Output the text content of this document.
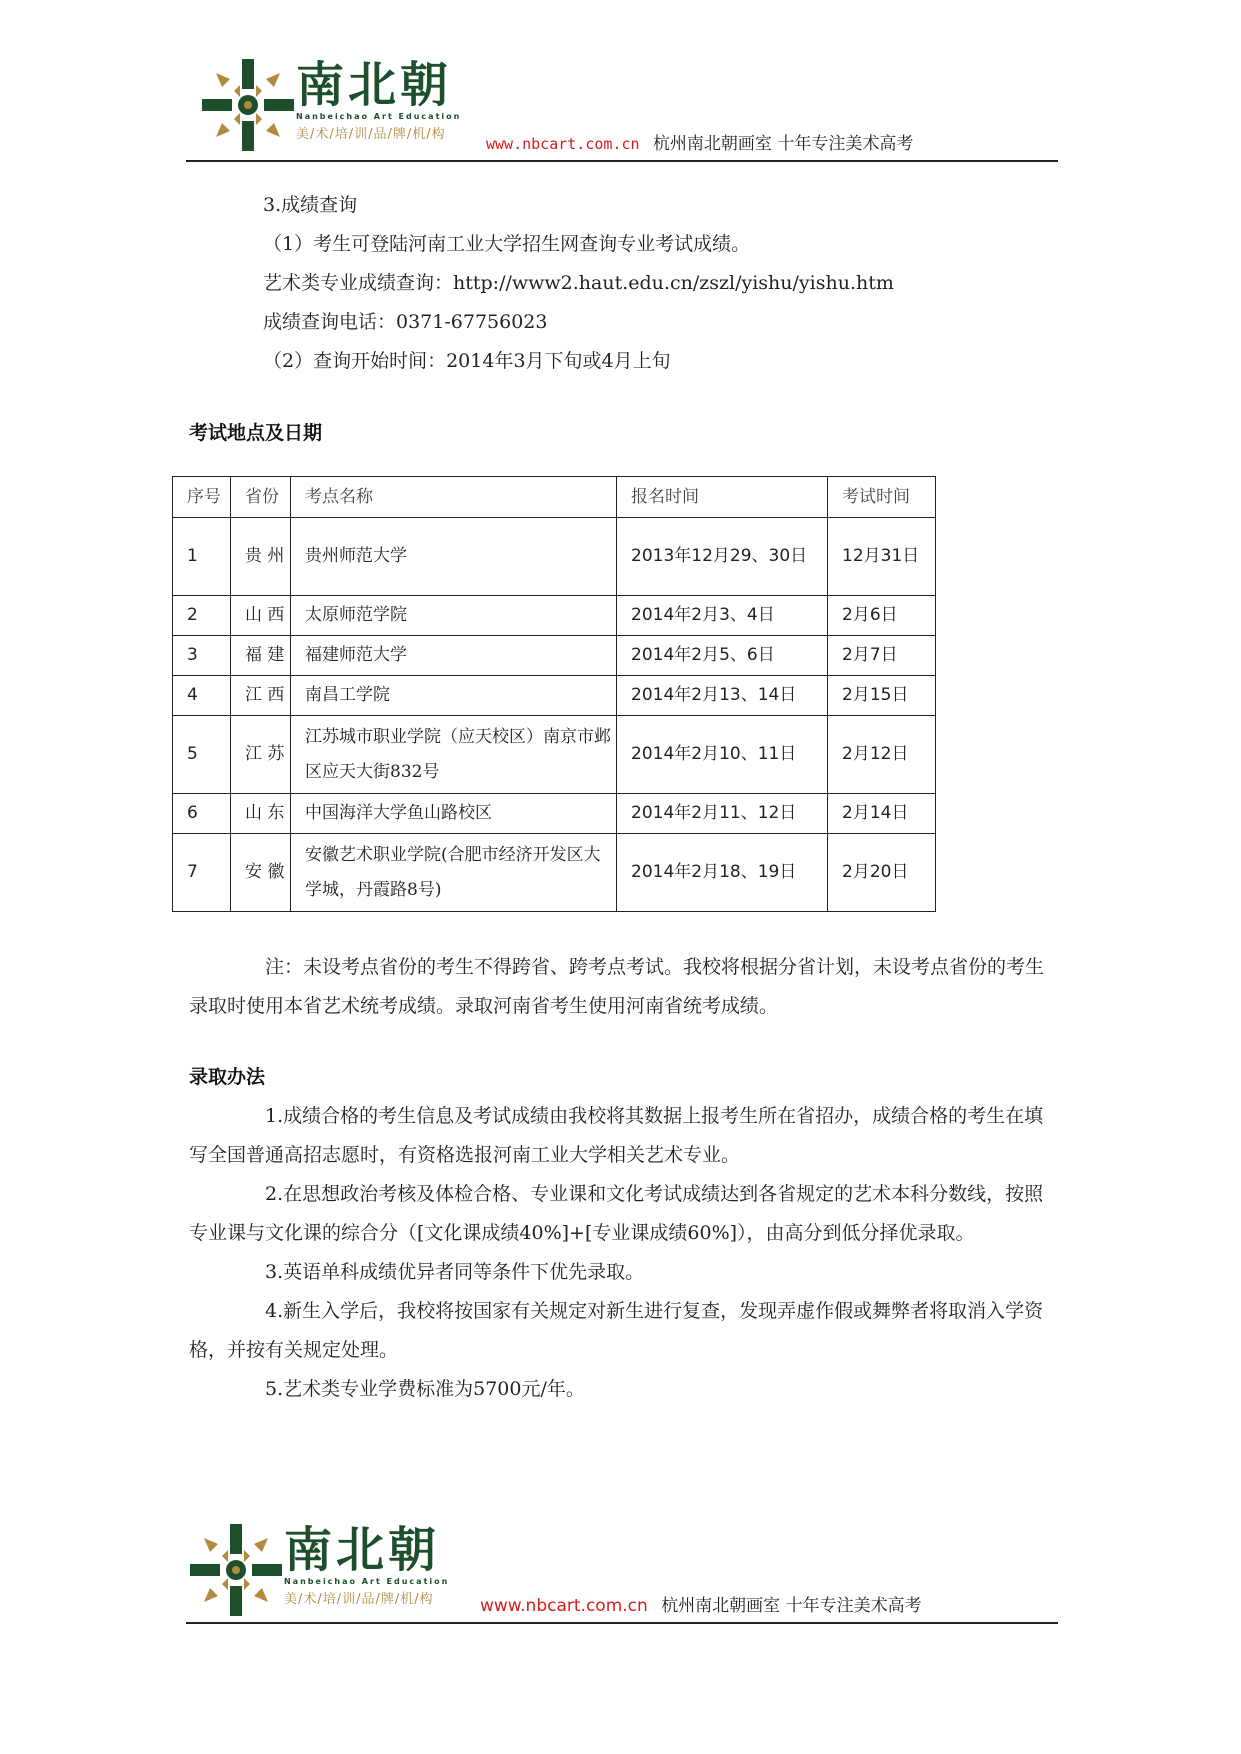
南北朝
Nanbeichao Art Education
美/术/培/训/品/牌/机/构
www.nbcart.com.cn 杭州南北朝画室 十年专注美术高考
3.成绩查询
（1）考生可登陆河南工业大学招生网查询专业考试成绩。
艺术类专业成绩查询：http://www2.haut.edu.cn/zszl/yishu/yishu.htm
成绩查询电话：0371-67756023
（2）查询开始时间：2014年3月下旬或4月上旬
考试地点及日期
序号	省份	考点名称	报名时间	考试时间
1	贵 州	贵州师范大学	2013年12月29、30日	12月31日
2	山 西	太原师范学院	2014年2月3、4日	2月6日
3	福 建	福建师范大学	2014年2月5、6日	2月7日
4	江 西	南昌工学院	2014年2月13、14日	2月15日
5	江 苏	江苏城市职业学院（应天校区）南京市邺区应天大街832号	2014年2月10、11日	2月12日
6	山 东	中国海洋大学鱼山路校区	2014年2月11、12日	2月14日
7	安 徽	安徽艺术职业学院(合肥市经济开发区大学城，丹霞路8号)	2014年2月18、19日	2月20日

注：未设考点省份的考生不得跨省、跨考点考试。我校将根据分省计划，未设考点省份的考生录取时使用本省艺术统考成绩。录取河南省考生使用河南省统考成绩。

录取办法

1.成绩合格的考生信息及考试成绩由我校将其数据上报考生所在省招办，成绩合格的考生在填写全国普通高招志愿时，有资格选报河南工业大学相关艺术专业。

2.在思想政治考核及体检合格、专业课和文化考试成绩达到各省规定的艺术本科分数线，按照专业课与文化课的综合分（[文化课成绩40%]+[专业课成绩60%]），由高分到低分择优录取。

3.英语单科成绩优异者同等条件下优先录取。

4.新生入学后，我校将按国家有关规定对新生进行复查，发现弄虚作假或舞弊者将取消入学资格，并按有关规定处理。

5.艺术类专业学费标准为5700元/年。

南北朝
Nanbeichao Art Education
美/术/培/训/品/牌/机/构	www.nbcart.com.cn 杭州南北朝画室 十年专注美术高考
